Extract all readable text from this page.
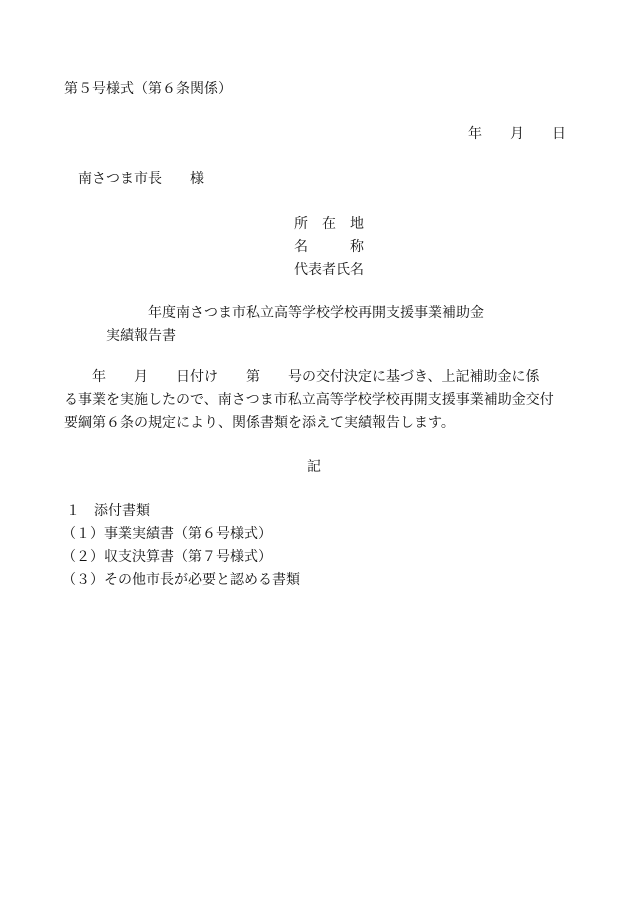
第５号様式（第６条関係）
年　　月　　日
南さつま市長　　様
所　在　地
名　　　称
代表者氏名
年度南さつま市私立高等学校学校再開支援事業補助金
実績報告書
　　年　　月　　日付け　　第　　号の交付決定に基づき、上記補助金に係
る事業を実施したので、南さつま市私立高等学校学校再開支援事業補助金交付
要綱第６条の規定により、関係書類を添えて実績報告します。
記
１　添付書類
（１）事業実績書（第６号様式）
（２）収支決算書（第７号様式）
（３）その他市長が必要と認める書類
